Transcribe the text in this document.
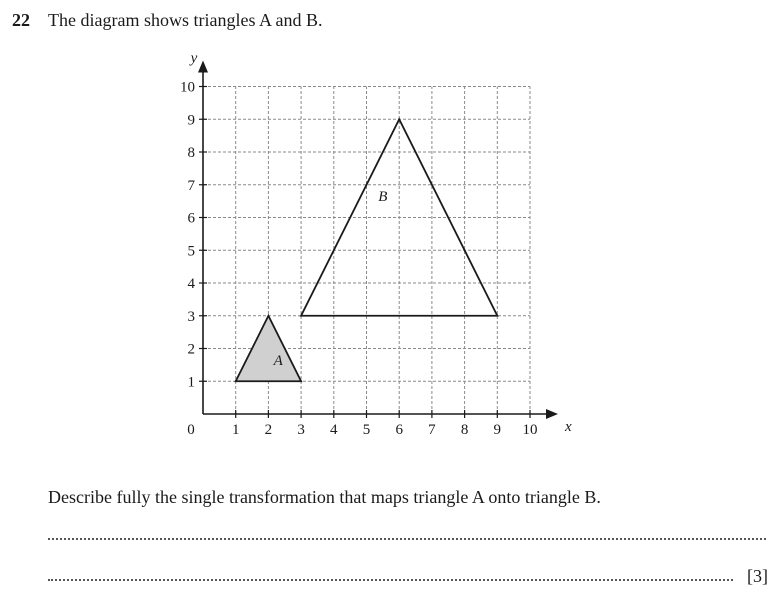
22 The diagram shows triangles A and B.
1 2 3 4 5 6 7 8 9 10
1
2
3
4
5
6
7
8
9
10
0	x
y
A
B
Describe fully the single transformation that maps triangle A onto triangle B.
[3]
